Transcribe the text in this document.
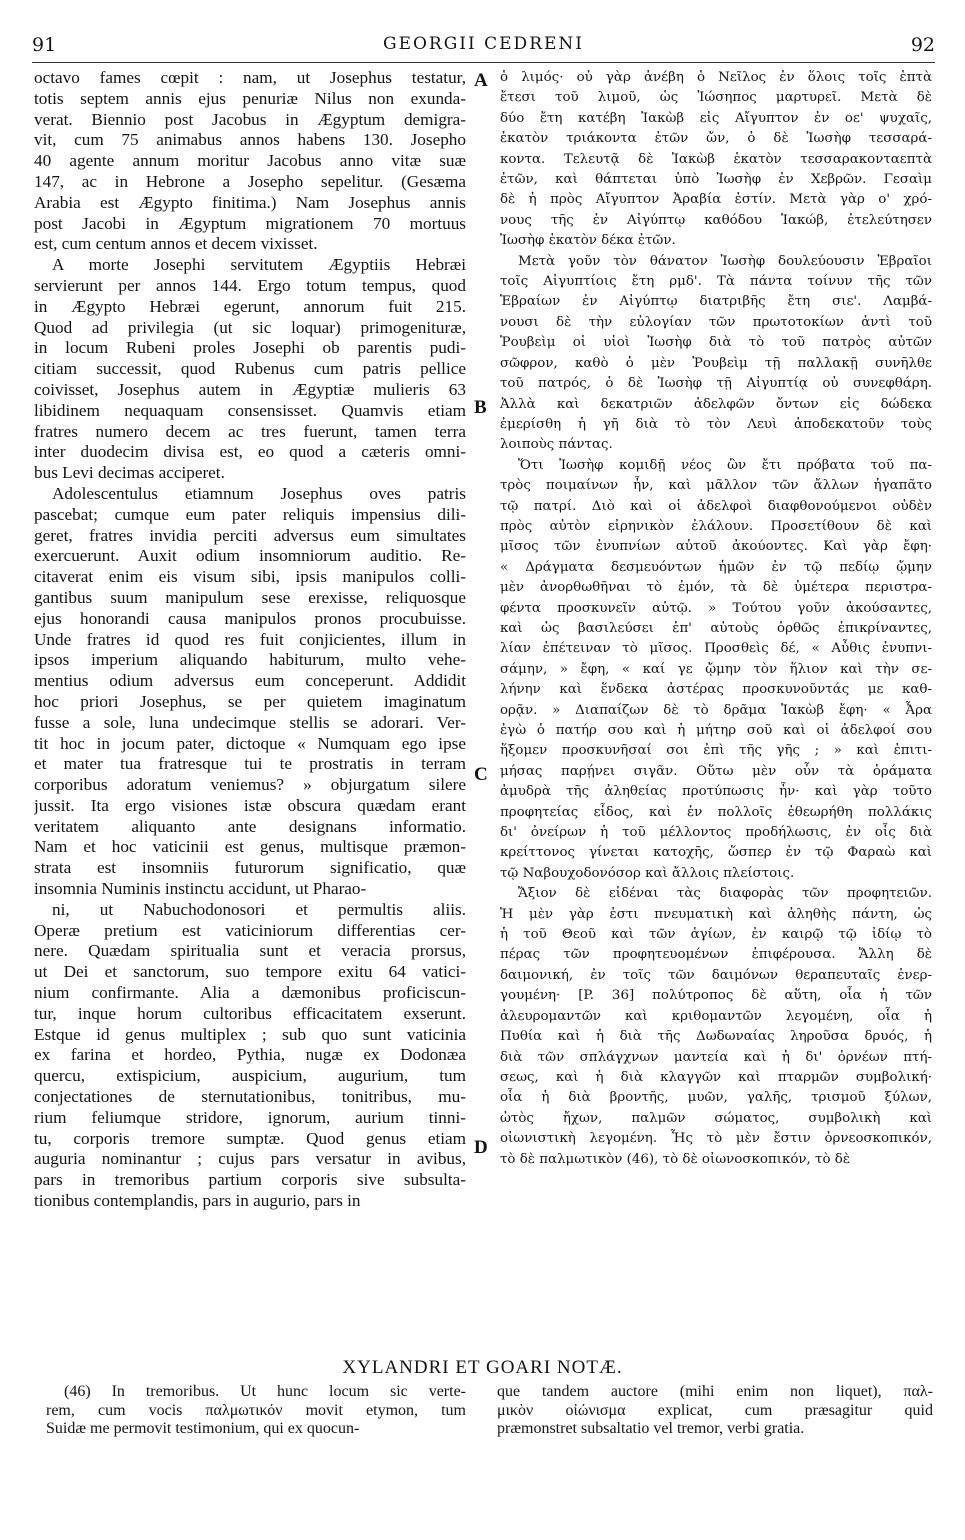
91	GEORGII CEDRENI	92
octavo fames cœpit : nam, ut Josephus testatur,
totis septem annis ejus penuriæ Nilus non exunda-
verat. Biennio post Jacobus in Ægyptum demigra-
vit, cum 75 animabus annos habens 130. Josepho
40 agente annum moritur Jacobus anno vitæ suæ
147, ac in Hebrone a Josepho sepelitur. (Gesæma
Arabia est Ægypto finitima.) Nam Josephus annis
post Jacobi in Ægyptum migrationem 70 mortuus
est, cum centum annos et decem vixisset.
A morte Josephi servitutem Ægyptiis Hebræi
servierunt per annos 144. Ergo totum tempus, quod
in Ægypto Hebræi egerunt, annorum fuit 215.
Quod ad privilegia (ut sic loquar) primogenituræ,
in locum Rubeni proles Josephi ob parentis pudi-
citiam successit, quod Rubenus cum patris pellice
coivisset, Josephus autem in Ægyptiæ mulieris 63
libidinem nequaquam consensisset. Quamvis etiam
fratres numero decem ac tres fuerunt, tamen terra
inter duodecim divisa est, eo quod a cæteris omni-
bus Levi decimas acciperet.
Adolescentulus etiamnum Josephus oves patris
pascebat; cumque eum pater reliquis impensius dili-
geret, fratres invidia perciti adversus eum simultates
exercuerunt. Auxit odium insomniorum auditio. Re-
citaverat enim eis visum sibi, ipsis manipulos colli-
gantibus suum manipulum sese erexisse, reliquosque
ejus honorandi causa manipulos pronos procubuisse.
Unde fratres id quod res fuit conjicientes, illum in
ipsos imperium aliquando habiturum, multo vehe-
mentius odium adversus eum conceperunt. Addidit
hoc priori Josephus, se per quietem imaginatum
fusse a sole, luna undecimque stellis se adorari. Ver-
tit hoc in jocum pater, dictoque « Numquam ego ipse
et mater tua fratresque tui te prostratis in terram
corporibus adoratum veniemus? » objurgatum silere
jussit. Ita ergo visiones istæ obscura quædam erant
veritatem aliquanto ante designans informatio.
Nam et hoc vaticinii est genus, multisque præmon-
strata est insomniis futurorum significatio, quæ
insomnia Numinis instinctu accidunt, ut Pharao-
ni, ut Nabuchodonosori et permultis aliis.
Operæ pretium est vaticiniorum differentias cer-
nere. Quædam spiritualia sunt et veracia prorsus,
ut Dei et sanctorum, suo tempore exitu 64 vatici-
nium confirmante. Alia a dæmonibus proficiscun-
tur, inque horum cultoribus efficacitatem exserunt.
Estque id genus multiplex ; sub quo sunt vaticinia
ex farina et hordeo, Pythia, nugæ ex Dodonæa
quercu, extispicium, auspicium, augurium, tum
conjectationes de sternutationibus, tonitribus, mu-
rium feliumque stridore, ignorum, aurium tinni-
tu, corporis tremore sumptæ. Quod genus etiam
auguria nominantur ; cujus pars versatur in avibus,
pars in tremoribus partium corporis sive subsulta-
tionibus contemplandis, pars in augurio, pars in
ὁ λιμός· οὐ γὰρ ἀνέβη ὁ Νεῖλος ἐν ὅλοις τοῖς ἑπτὰ
ἔτεσι τοῦ λιμοῦ, ὡς Ἰώσηπος μαρτυρεῖ. Μετὰ δὲ
δύο ἔτη κατέβη Ἰακὼβ εἰς Αἴγυπτον ἐν οε' ψυχαῖς,
ἑκατὸν τριάκοντα ἐτῶν ὤν, ὁ δὲ Ἰωσὴφ τεσσαρά-
κοντα. Τελευτᾷ δὲ Ἰακὼβ ἑκατὸν τεσσαρακονταεπτὰ
ἐτῶν, καὶ θάπτεται ὑπὸ Ἰωσὴφ ἐν Χεβρῶν. Γεσαὶμ
δὲ ἡ πρὸς Αἴγυπτον Ἀραβία ἐστίν. Μετὰ γὰρ ο' χρό-
νους τῆς ἐν Αἰγύπτῳ καθόδου Ἰακώβ, ἐτελεύτησεν
Ἰωσὴφ ἑκατὸν δέκα ἐτῶν.
Μετὰ γοῦν τὸν θάνατον Ἰωσὴφ δουλεύουσιν Ἑβραῖοι
τοῖς Αἰγυπτίοις ἔτη ρμδ'. Τὰ πάντα τοίνυν τῆς τῶν
Ἑβραίων ἐν Αἰγύπτῳ διατριβῆς ἔτη σιε'. Λαμβά-
νουσι δὲ τὴν εὐλογίαν τῶν πρωτοτοκίων ἀντὶ τοῦ
Ῥουβεὶμ οἱ υἱοὶ Ἰωσὴφ διὰ τὸ τοῦ πατρὸς αὐτῶν
σῶφρον, καθὸ ὁ μὲν Ῥουβεὶμ τῇ παλλακῇ συνῆλθε
τοῦ πατρός, ὁ δὲ Ἰωσὴφ τῇ Αἰγυπτίᾳ οὐ συνεφθάρη.
Ἀλλὰ καὶ δεκατριῶν ἀδελφῶν ὄντων εἰς δώδεκα
ἐμερίσθη ἡ γῆ διὰ τὸ τὸν Λευὶ ἀποδεκατοῦν τοὺς
λοιποὺς πάντας.
Ὅτι Ἰωσὴφ κομιδῇ νέος ὢν ἔτι πρόβατα τοῦ πα-
τρὸς ποιμαίνων ἦν, καὶ μᾶλλον τῶν ἄλλων ἠγαπᾶτο
τῷ πατρί. Διὸ καὶ οἱ ἀδελφοὶ διαφθονούμενοι οὐδὲν
πρὸς αὐτὸν εἰρηνικὸν ἐλάλουν. Προσετίθουν δὲ καὶ
μῖσος τῶν ἐνυπνίων αὐτοῦ ἀκούοντες. Καὶ γὰρ ἔφη·
« Δράγματα δεσμευόντων ἡμῶν ἐν τῷ πεδίῳ ᾤμην
μὲν ἀνορθωθῆναι τὸ ἐμόν, τὰ δὲ ὑμέτερα περιστρα-
φέντα προσκυνεῖν αὐτῷ. » Τούτου γοῦν ἀκούσαντες,
καὶ ὡς βασιλεύσει ἐπ' αὐτοὺς ὀρθῶς ἐπικρίναντες,
λίαν ἐπέτειναν τὸ μῖσος. Προσθεὶς δέ, « Αὖθις ἐνυπνι-
σάμην, » ἔφη, « καί γε ᾤμην τὸν ἥλιον καὶ τὴν σε-
λήνην καὶ ἕνδεκα ἀστέρας προσκυνοῦντάς με καθ-
ορᾷν. » Διαπαίζων δὲ τὸ δρᾶμα Ἰακὼβ ἔφη· « Ἆρα
ἐγὼ ὁ πατήρ σου καὶ ἡ μήτηρ σοῦ καὶ οἱ ἀδελφοί σου
ἥξομεν προσκυνῆσαί σοι ἐπὶ τῆς γῆς ; » καὶ ἐπιτι-
μήσας παρῄνει σιγᾶν. Οὕτω μὲν οὖν τὰ ὁράματα
ἀμυδρὰ τῆς ἀληθείας προτύπωσις ἦν· καὶ γὰρ τοῦτο
προφητείας εἶδος, καὶ ἐν πολλοῖς ἐθεωρήθη πολλάκις
δι' ὀνείρων ἡ τοῦ μέλλοντος προδήλωσις, ἐν οἷς διὰ
κρείττονος γίνεται κατοχῆς, ὥσπερ ἐν τῷ Φαραὼ καὶ
τῷ Ναβουχοδονόσορ καὶ ἄλλοις πλείστοις.
Ἄξιον δὲ εἰδέναι τὰς διαφορὰς τῶν προφητειῶν.
Ἡ μὲν γὰρ ἐστι πνευματικὴ καὶ ἀληθὴς πάντη, ὡς
ἡ τοῦ Θεοῦ καὶ τῶν ἁγίων, ἐν καιρῷ τῷ ἰδίῳ τὸ
πέρας τῶν προφητευομένων ἐπιφέρουσα. Ἄλλη δὲ
δαιμονική, ἐν τοῖς τῶν δαιμόνων θεραπευταῖς ἐνερ-
γουμένη· [P. 36] πολύτροπος δὲ αὕτη, οἷα ἡ τῶν
ἀλευρομαντῶν καὶ κριθομαντῶν λεγομένη, οἷα ἡ
Πυθία καὶ ἡ διὰ τῆς Δωδωναίας ληροῦσα δρυός, ἡ
διὰ τῶν σπλάγχνων μαντεία καὶ ἡ δι' ὀρνέων πτή-
σεως, καὶ ἡ διὰ κλαγγῶν καὶ πταρμῶν συμβολική·
οἷα ἡ διὰ βροντῆς, μυῶν, γαλῆς, τρισμοῦ ξύλων,
ὠτὸς ἤχων, παλμῶν σώματος, συμβολικὴ καὶ
οἰωνιστικὴ λεγομένη. Ἧς τὸ μὲν ἔστιν ὀρνεοσκοπικόν,
τὸ δὲ παλμωτικὸν (46), τὸ δὲ οἰωνοσκοπικόν, τὸ δὲ
A
B
C
D
XYLANDRI ET GOARI NOTÆ.
(46) In tremoribus. Ut hunc locum sic verte-
rem, cum vocis παλμωτικόν movit etymon, tum
Suidæ me permovit testimonium, qui ex quocun-
que tandem auctore (mihi enim non liquet), παλ-
μικὸν οἰώνισμα explicat, cum præsagitur quid
præmonstret subsaltatio vel tremor, verbi gratia.
